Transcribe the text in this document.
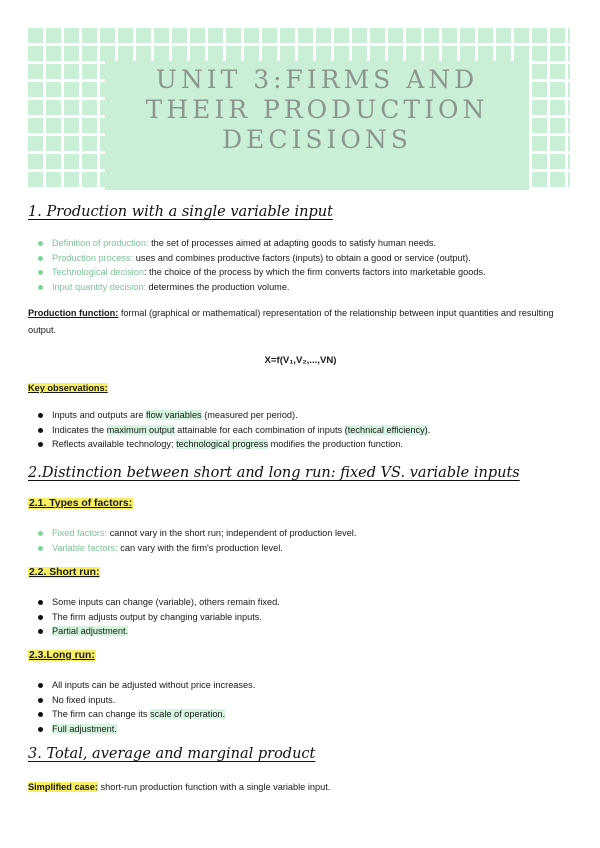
UNIT 3:FIRMS AND THEIR PRODUCTION DECISIONS
1. Production with a single variable input
Definition of production: the set of processes aimed at adapting goods to satisfy human needs.
Production process: uses and combines productive factors (inputs) to obtain a good or service (output).
Technological decision: the choice of the process by which the firm converts factors into marketable goods.
Input quantity decision: determines the production volume.
Production function: formal (graphical or mathematical) representation of the relationship between input quantities and resulting output.
X=f(V₁,V₂,...,VN)
Key observations:
Inputs and outputs are flow variables (measured per period).
Indicates the maximum output attainable for each combination of inputs (technical efficiency).
Reflects available technology; technological progress modifies the production function.
2.Distinction between short and long run: fixed VS. variable inputs
2.1. Types of factors:
Fixed factors: cannot vary in the short run; independent of production level.
Variable factors: can vary with the firm's production level.
2.2. Short run:
Some inputs can change (variable), others remain fixed.
The firm adjusts output by changing variable inputs.
Partial adjustment.
2.3.Long run:
All inputs can be adjusted without price increases.
No fixed inputs.
The firm can change its scale of operation.
Full adjustment.
3. Total, average and marginal product
Simplified case: short-run production function with a single variable input.
